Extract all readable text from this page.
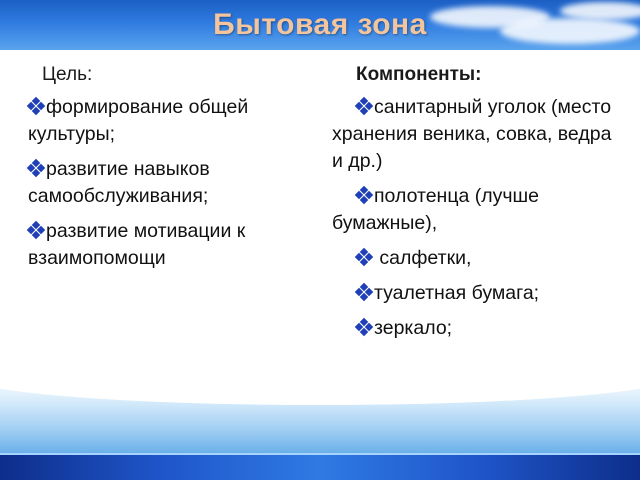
Бытовая зона
Цель:
формирование общей культуры;
развитие навыков самообслуживания;
развитие мотивации к взаимопомощи
Компоненты:
санитарный уголок (место хранения веника, совка, ведра и др.)
полотенца (лучше бумажные),
салфетки,
туалетная бумага;
зеркало;
